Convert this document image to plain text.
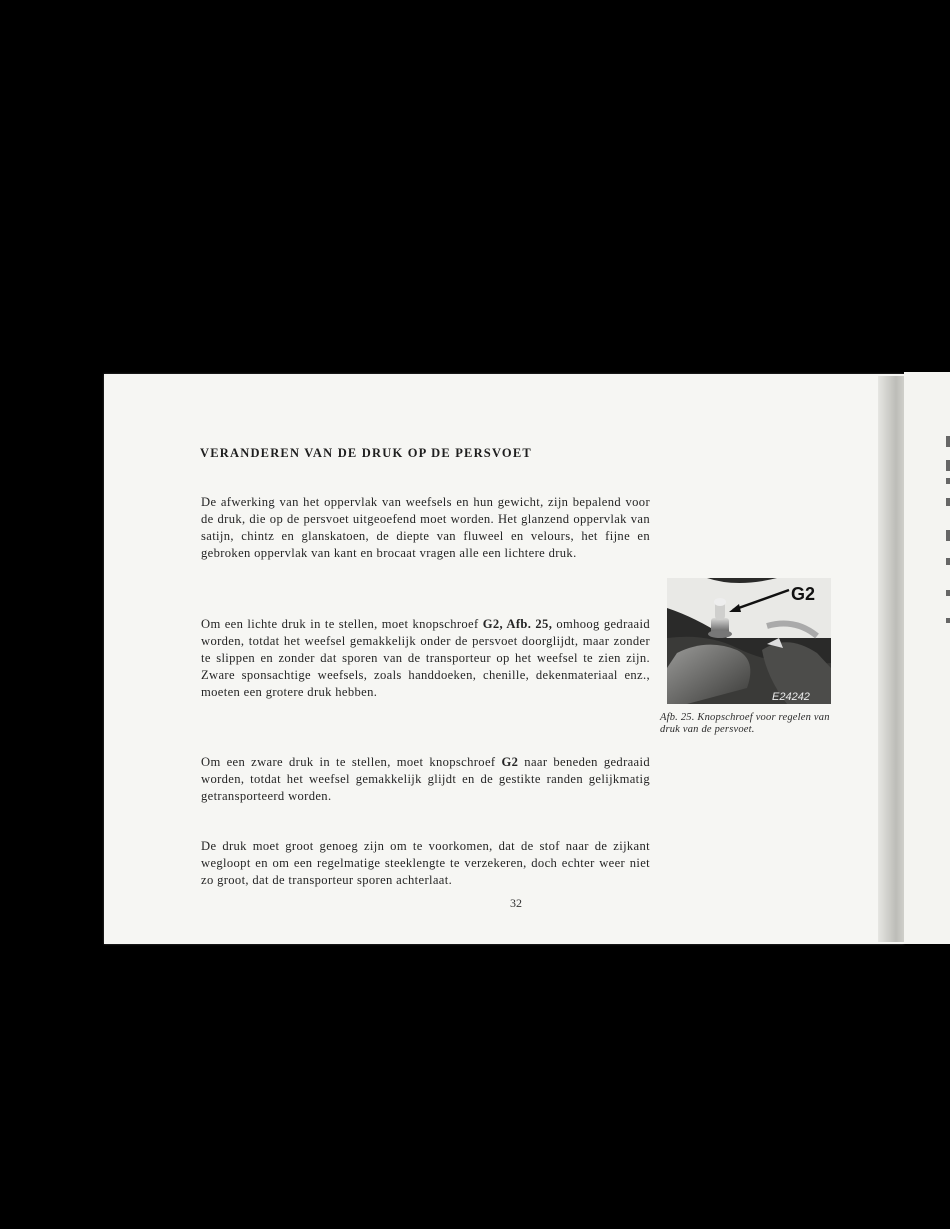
VERANDEREN VAN DE DRUK OP DE PERSVOET
De afwerking van het oppervlak van weefsels en hun gewicht, zijn bepalend voor de druk, die op de persvoet uitgeoefend moet worden. Het glanzend oppervlak van satijn, chintz en glanskatoen, de diepte van fluweel en velours, het fijne en gebroken oppervlak van kant en brocaat vragen alle een lichtere druk.
Om een lichte druk in te stellen, moet knopschroef G2, Afb. 25, omhoog gedraaid worden, totdat het weefsel gemakkelijk onder de persvoet doorglijdt, maar zonder te slippen en zonder dat sporen van de transporteur op het weefsel te zien zijn. Zware sponsachtige weefsels, zoals handdoeken, chenille, dekenmateriaal enz., moeten een grotere druk hebben.
Om een zware druk in te stellen, moet knopschroef G2 naar beneden gedraaid worden, totdat het weefsel gemakkelijk glijdt en de gestikte randen gelijkmatig getransporteerd worden.
De druk moet groot genoeg zijn om te voorkomen, dat de stof naar de zijkant wegloopt en om een regelmatige steeklengte te verzekeren, doch echter weer niet zo groot, dat de transporteur sporen achterlaat.
G2
E24242
Afb. 25. Knopschroef voor regelen van druk van de persvoet.
32
